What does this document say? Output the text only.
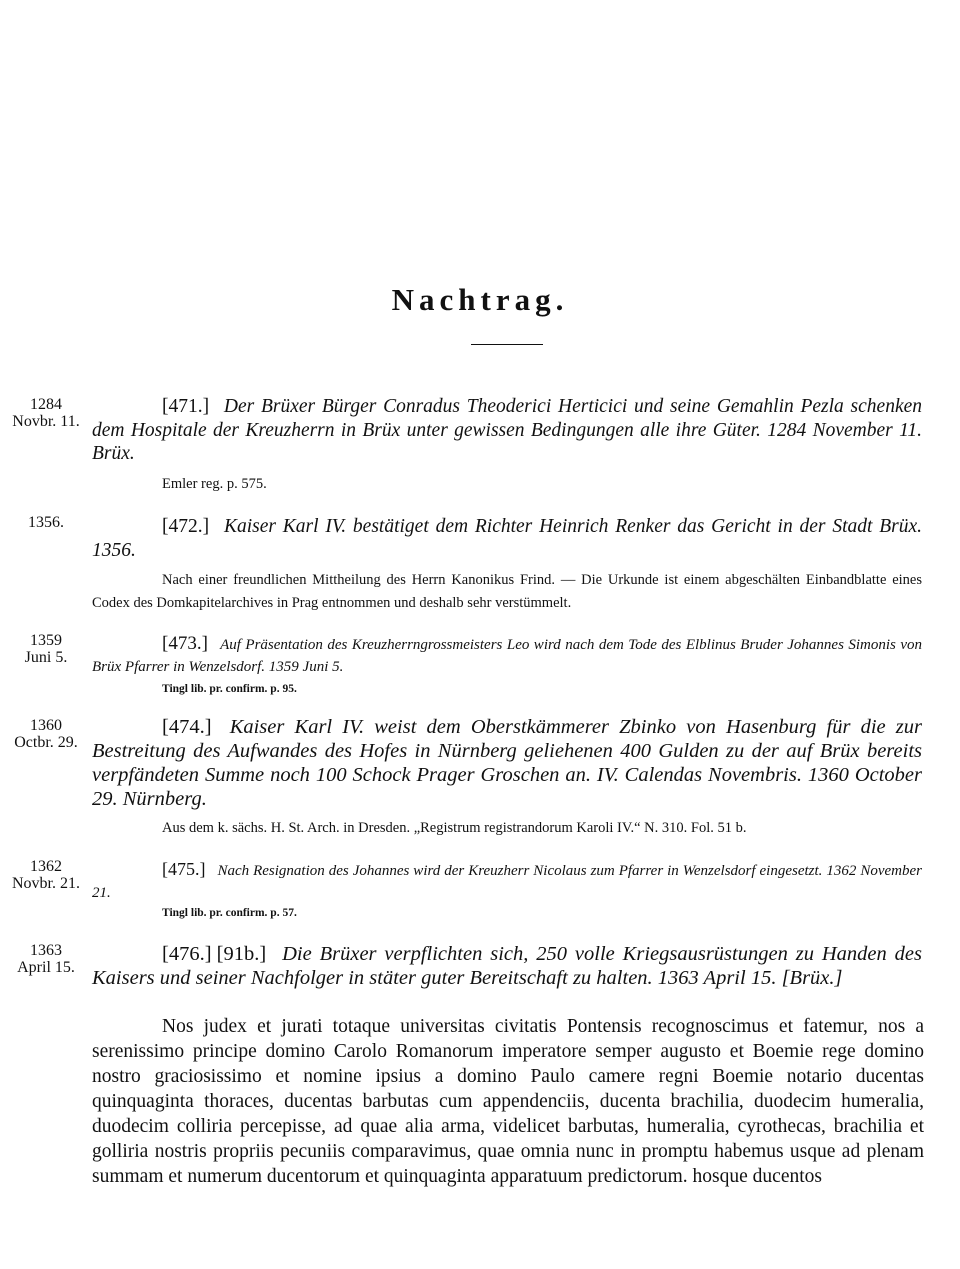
Nachtrag.
1284
Novbr. 11.
[471.] Der Brüxer Bürger Conradus Theoderici Herticici und seine Gemahlin Pezla schenken dem Hospitale der Kreuzherrn in Brüx unter gewissen Bedingungen alle ihre Güter. 1284 November 11. Brüx.
Emler reg. p. 575.
1356.	[472.] Kaiser Karl IV. bestätiget dem Richter Heinrich Renker das Gericht in der Stadt Brüx. 1356.
Nach einer freundlichen Mittheilung des Herrn Kanonikus Frind. — Die Urkunde ist einem abgeschälten Einbandblatte eines Codex des Domkapitelarchives in Prag entnommen und deshalb sehr verstümmelt.
1359
Juni 5.
[473.] Auf Präsentation des Kreuzherrngrossmeisters Leo wird nach dem Tode des Elblinus Bruder Johannes Simonis von Brüx Pfarrer in Wenzelsdorf. 1359 Juni 5.
Tingl lib. pr. confirm. p. 95.
1360
Octbr. 29.
[474.] Kaiser Karl IV. weist dem Oberstkämmerer Zbinko von Hasenburg für die zur Bestreitung des Aufwandes des Hofes in Nürnberg geliehenen 400 Gulden zu der auf Brüx bereits verpfändeten Summe noch 100 Schock Prager Groschen an. IV. Calendas Novembris. 1360 October 29. Nürnberg.
Aus dem k. sächs. H. St. Arch. in Dresden. „Registrum registrandorum Karoli IV.“ N. 310. Fol. 51 b.
1362
Novbr. 21.
[475.] Nach Resignation des Johannes wird der Kreuzherr Nicolaus zum Pfarrer in Wenzelsdorf eingesetzt. 1362 November 21.
Tingl lib. pr. confirm. p. 57.
1363
April 15.
[476.] [91b.] Die Brüxer verpflichten sich, 250 volle Kriegsausrüstungen zu Handen des Kaisers und seiner Nachfolger in stäter guter Bereitschaft zu halten. 1363 April 15. [Brüx.]
Nos judex et jurati totaque universitas civitatis Pontensis recognoscimus et fatemur, nos a serenissimo principe domino Carolo Romanorum imperatore semper augusto et Boemie rege domino nostro graciosissimo et nomine ipsius a domino Paulo camere regni Boemie notario ducentas quinquaginta thoraces, ducentas barbutas cum appendenciis, ducenta brachilia, duodecim humeralia, duodecim colliria percepisse, ad quae alia arma, videlicet barbutas, humeralia, cyrothecas, brachilia et golliria nostris propriis pecuniis comparavimus, quae omnia nunc in promptu habemus usque ad plenam summam et numerum ducentorum et quinquaginta apparatuum predictorum. hosque ducentos
